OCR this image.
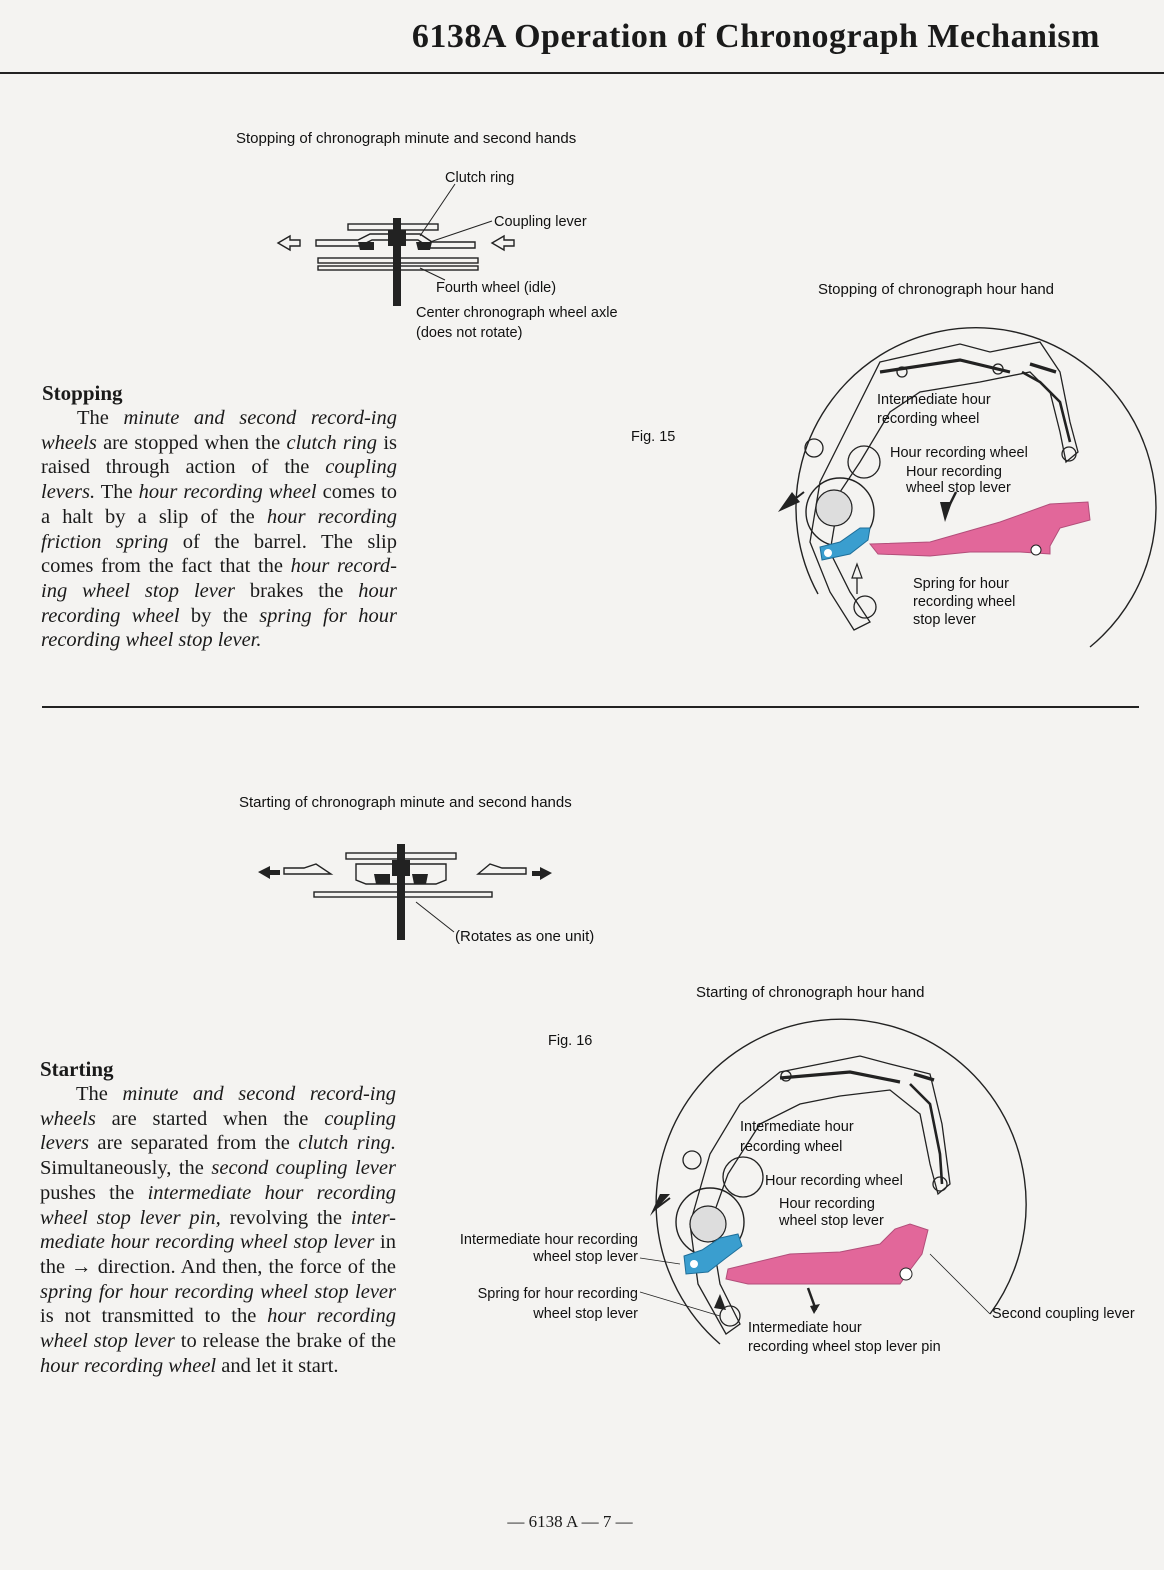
6138A Operation of Chronograph Mechanism
Stopping of chronograph minute and second hands
Clutch ring
Coupling lever
Fourth wheel (idle)
Center chronograph wheel axle
(does not rotate)
Stopping of chronograph hour hand
Fig. 15
Intermediate hour
recording wheel
Hour recording wheel
Hour recording
wheel stop lever
Spring for hour
recording wheel
stop lever
Stopping
The minute and second record-ing wheels are stopped when the clutch ring is raised through action of the coupling levers. The hour recording wheel comes to a halt by a slip of the hour recording friction spring of the barrel. The slip comes from the fact that the hour record-ing wheel stop lever brakes the hour recording wheel by the spring for hour recording wheel stop lever.
Starting of chronograph minute and second hands
(Rotates as one unit)
Starting of chronograph hour hand
Fig. 16
Intermediate hour
recording wheel
Hour recording wheel
Hour recording
wheel stop lever
Intermediate hour recording
wheel stop lever
Spring for hour recording
wheel stop lever	Second coupling lever
Intermediate hour
recording wheel stop lever pin
Starting
The minute and second record-ing wheels are started when the coupling levers are separated from the clutch ring. Simultaneously, the second coupling lever pushes the intermediate hour recording wheel stop lever pin, revolving the inter-mediate hour recording wheel stop lever in the → direction. And then, the force of the spring for hour recording wheel stop lever is not transmitted to the hour recording wheel stop lever to release the brake of the hour recording wheel and let it start.
— 6138 A — 7 —
